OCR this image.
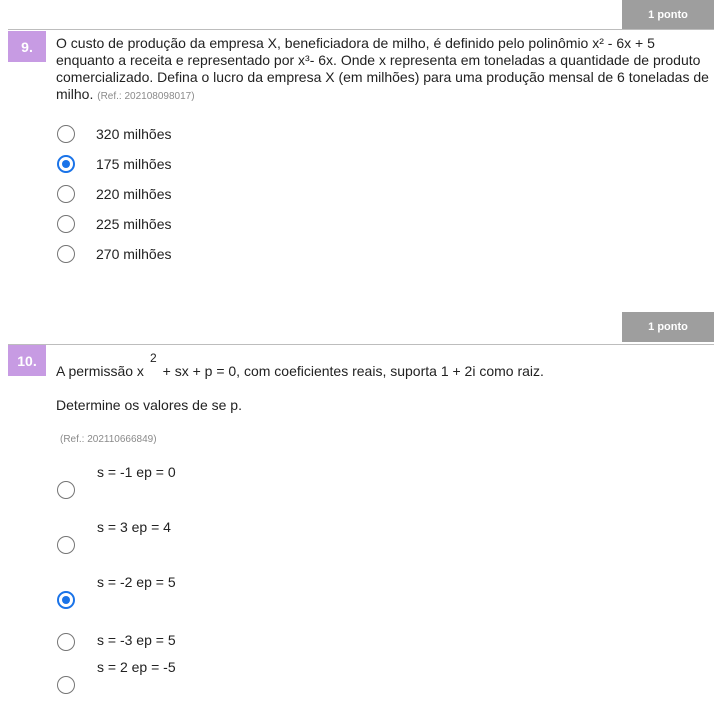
1 ponto
9.	O custo de produção da empresa X, beneficiadora de milho, é definido pelo polinômio x² - 6x + 5 enquanto a receita e representado por x³- 6x. Onde x representa em toneladas a quantidade de produto comercializado. Defina o lucro da empresa X (em milhões) para uma produção mensal de 6 toneladas de milho. (Ref.: 202108098017)
320 milhões
175 milhões
220 milhões
225 milhões
270 milhões
1 ponto
10.
A permissão x2+ sx + p = 0, com coeficientes reais, suporta 1 + 2i como raiz.
Determine os valores de se p.
(Ref.: 202110666849)
s = -1 ep = 0
s = 3 ep = 4
s = -2 ep = 5
s = -3 ep = 5
s = 2 ep = -5
